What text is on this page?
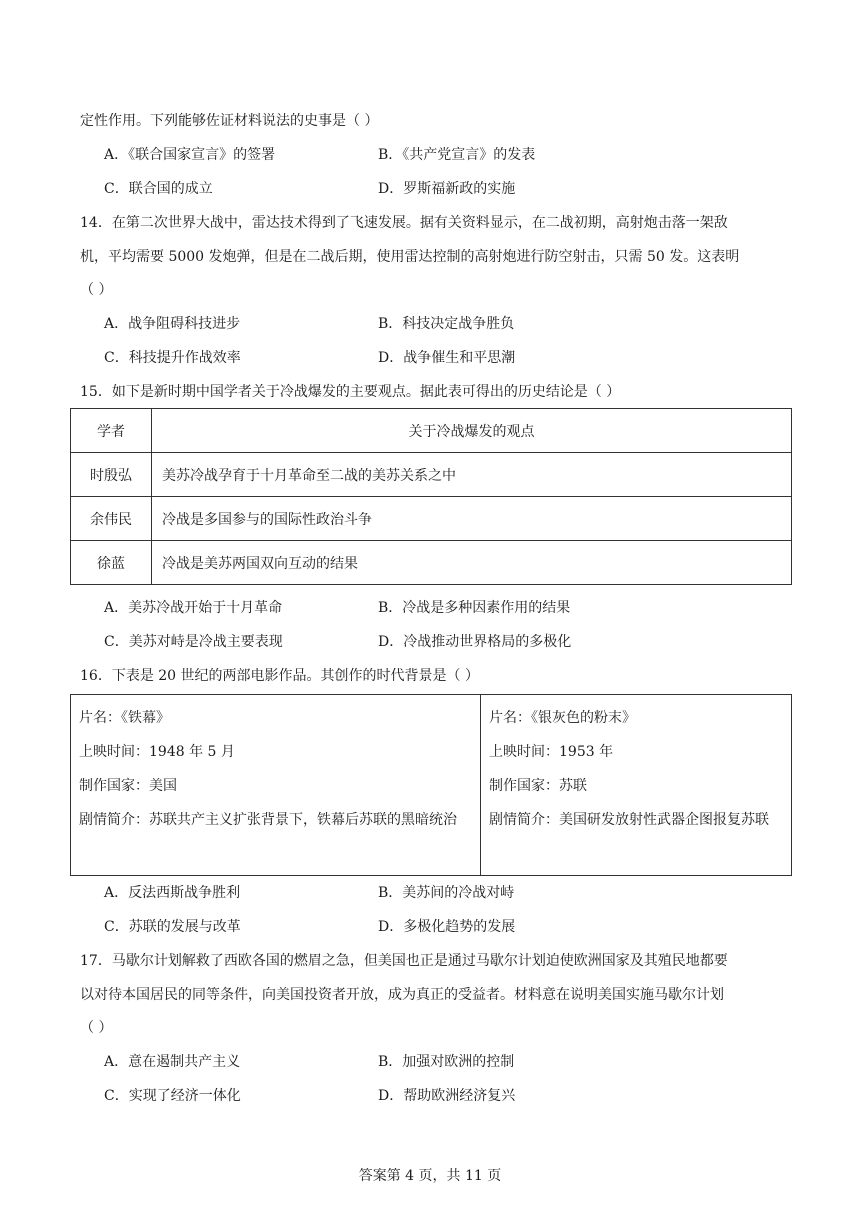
定性作用。下列能够佐证材料说法的史事是（ ）
A．《联合国家宣言》的签署	B．《共产党宣言》的发表
C．联合国的成立	D．罗斯福新政的实施
14．在第二次世界大战中，雷达技术得到了飞速发展。据有关资料显示，在二战初期，高射炮击落一架敌
机，平均需要 5000 发炮弹，但是在二战后期，使用雷达控制的高射炮进行防空射击，只需 50 发。这表明
（ ）
A．战争阻碍科技进步	B．科技决定战争胜负
C．科技提升作战效率	D．战争催生和平思潮
15．如下是新时期中国学者关于冷战爆发的主要观点。据此表可得出的历史结论是（ ）
学者	关于冷战爆发的观点
时殷弘	美苏冷战孕育于十月革命至二战的美苏关系之中
余伟民	冷战是多国参与的国际性政治斗争
徐蓝	冷战是美苏两国双向互动的结果
A．美苏冷战开始于十月革命	B．冷战是多种因素作用的结果
C．美苏对峙是冷战主要表现	D．冷战推动世界格局的多极化
16．下表是 20 世纪的两部电影作品。其创作的时代背景是（ ）
片名：《铁幕》
上映时间：1948 年 5 月
制作国家：美国
剧情简介：苏联共产主义扩张背景下，铁幕后苏联的黑暗统治
片名：《银灰色的粉末》
上映时间：1953 年
制作国家：苏联
剧情简介：美国研发放射性武器企图报复苏联
A．反法西斯战争胜利	B．美苏间的冷战对峙
C．苏联的发展与改革	D．多极化趋势的发展
17．马歇尔计划解救了西欧各国的燃眉之急，但美国也正是通过马歇尔计划迫使欧洲国家及其殖民地都要
以对待本国居民的同等条件，向美国投资者开放，成为真正的受益者。材料意在说明美国实施马歇尔计划
（ ）
A．意在遏制共产主义	B．加强对欧洲的控制
C．实现了经济一体化	D．帮助欧洲经济复兴
答案第 4 页，共 11 页
